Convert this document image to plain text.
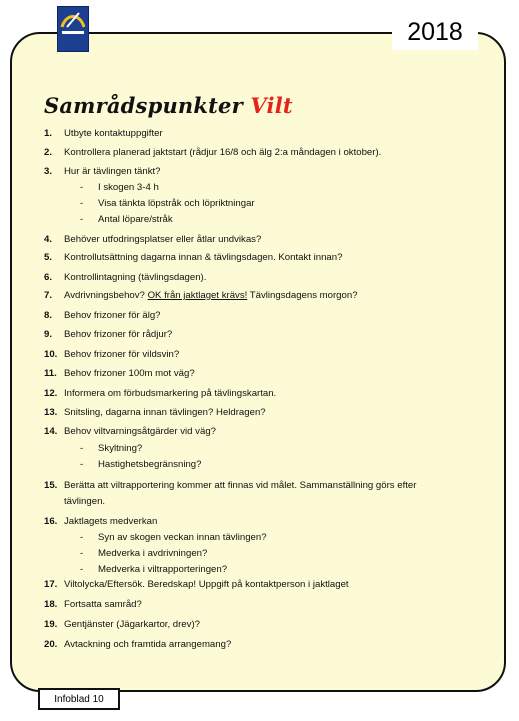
2018
Samrådspunkter Vilt
1.	Utbyte kontaktuppgifter
2.	Kontrollera planerad jaktstart (rådjur 16/8 och älg 2:a måndagen i oktober).
3.	Hur är tävlingen tänkt?
-	I skogen 3-4 h
-	Visa tänkta löpstråk och löpriktningar
-	Antal löpare/stråk
4.	Behöver utfodringsplatser eller åtlar undvikas?
5.	Kontrollutsättning dagarna innan & tävlingsdagen. Kontakt innan?
6.	Kontrollintagning (tävlingsdagen).
7.	Avdrivningsbehov? OK från jaktlaget krävs! Tävlingsdagens morgon?
8.	Behov frizoner för älg?
9.	Behov frizoner för rådjur?
10. Behov frizoner för vildsvin?
11. Behov frizoner 100m mot väg?
12. Informera om förbudsmarkering på tävlingskartan.
13. Snitsling, dagarna innan tävlingen? Heldragen?
14. Behov viltvarningsåtgärder vid väg?
-	Skyltning?
-	Hastighetsbegränsning?
15. Berätta att viltrapportering kommer att finnas vid målet. Sammanställning görs efter tävlingen.
16. Jaktlagets medverkan
-	Syn av skogen veckan innan tävlingen?
-	Medverka i avdrivningen?
-	Medverka i viltrapporteringen?
17. Viltolycka/Eftersök. Beredskap! Uppgift på kontaktperson i jaktlaget
18. Fortsatta samråd?
19. Gentjänster (Jägarkartor, drev)?
20. Avtackning och framtida arrangemang?
Infoblad 10
